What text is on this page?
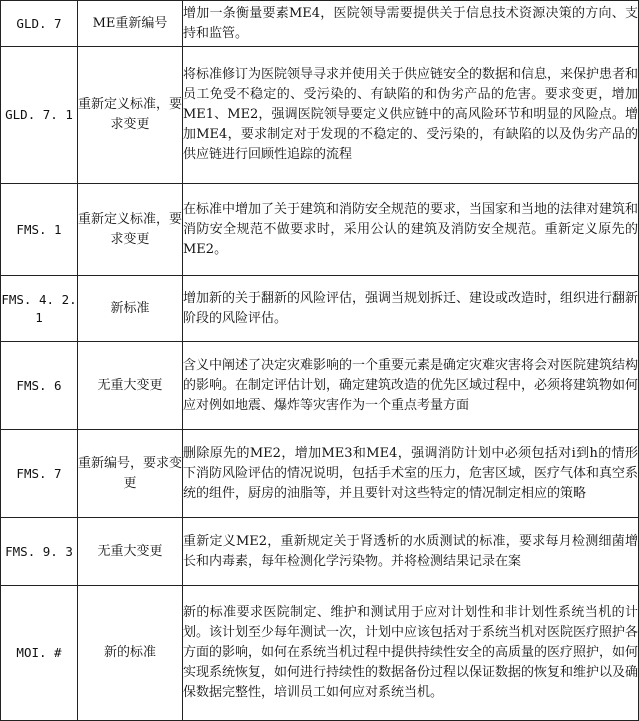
GLD. 7	ME重新编号	增加一条衡量要素ME4，医院领导需要提供关于信息技术资源决策的方向、支持和监管。
GLD. 7. 1	重新定义标准，要求变更	将标准修订为医院领导寻求并使用关于供应链安全的数据和信息，来保护患者和员工免受不稳定的、受污染的、有缺陷的和伪劣产品的危害。要求变更，增加ME1、ME2，强调医院领导要定义供应链中的高风险环节和明显的风险点。增加ME4，要求制定对于发现的不稳定的、受污染的，有缺陷的以及伪劣产品的供应链进行回顾性追踪的流程
FMS. 1	重新定义标准，要求变更	在标准中增加了关于建筑和消防安全规范的要求，当国家和当地的法律对建筑和消防安全规范不做要求时，采用公认的建筑及消防安全规范。重新定义原先的ME2。
FMS. 4. 2. 1	新标准	增加新的关于翻新的风险评估，强调当规划拆迁、建设或改造时，组织进行翻新阶段的风险评估。
FMS. 6	无重大变更	含义中阐述了决定灾难影响的一个重要元素是确定灾难灾害将会对医院建筑结构的影响。在制定评估计划，确定建筑改造的优先区域过程中，必须将建筑物如何应对例如地震、爆炸等灾害作为一个重点考量方面
FMS. 7	重新编号，要求变更	删除原先的ME2，增加ME3和ME4，强调消防计划中必须包括对i到h的情形下消防风险评估的情况说明，包括手术室的压力，危害区域，医疗气体和真空系统的组件，厨房的油脂等，并且要针对这些特定的情况制定相应的策略
FMS. 9. 3	无重大变更	重新定义ME2，重新规定关于肾透析的水质测试的标准，要求每月检测细菌增长和内毒素，每年检测化学污染物。并将检测结果记录在案
MOI. #	新的标准	新的标准要求医院制定、维护和测试用于应对计划性和非计划性系统当机的计划。该计划至少每年测试一次，计划中应该包括对于系统当机对医院医疗照护各方面的影响，如何在系统当机过程中提供持续性安全的高质量的医疗照护，如何实现系统恢复，如何进行持续性的数据备份过程以保证数据的恢复和维护以及确保数据完整性，培训员工如何应对系统当机。
